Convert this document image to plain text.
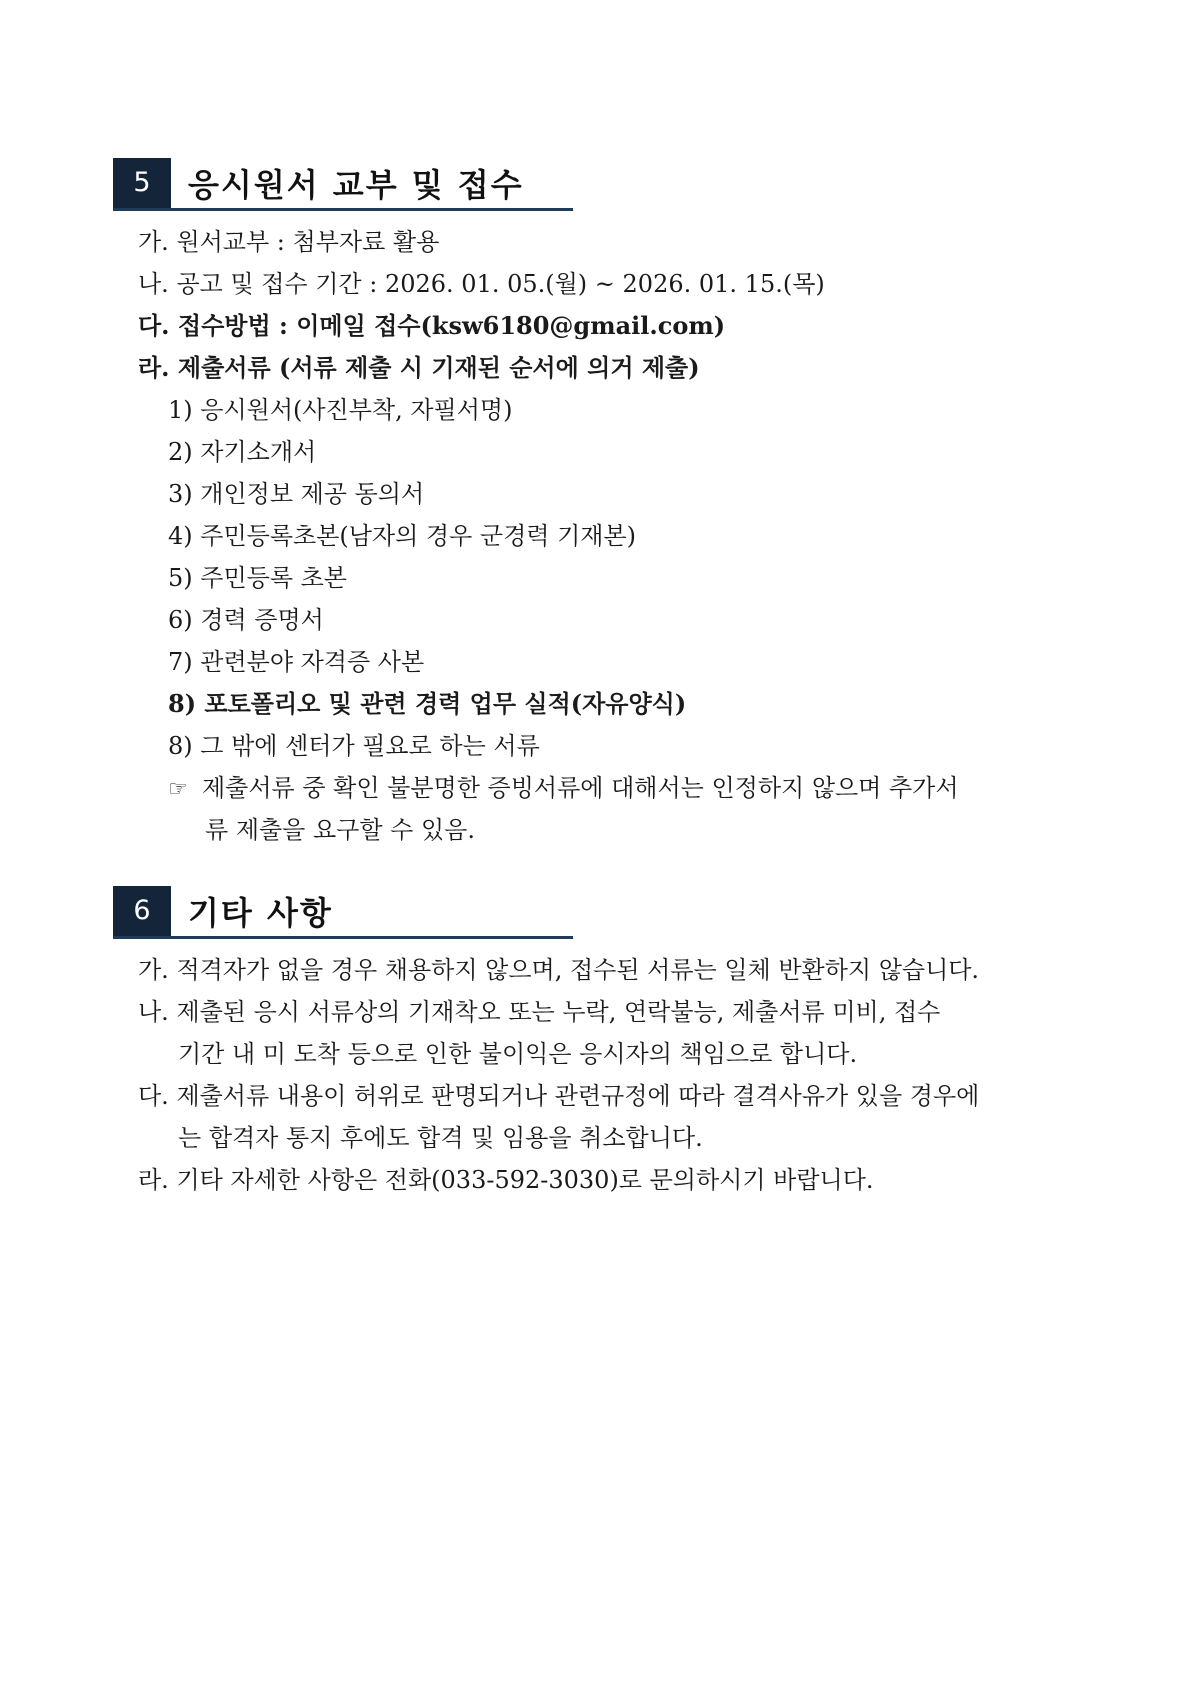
5	응시원서 교부 및 접수
가. 원서교부 : 첨부자료 활용
나. 공고 및 접수 기간 : 2026. 01. 05.(월) ~ 2026. 01. 15.(목)
다. 접수방법 : 이메일 접수(ksw6180@gmail.com)
라. 제출서류 (서류 제출 시 기재된 순서에 의거 제출)
1) 응시원서(사진부착, 자필서명)
2) 자기소개서
3) 개인정보 제공 동의서
4) 주민등록초본(남자의 경우 군경력 기재본)
5) 주민등록 초본
6) 경력 증명서
7) 관련분야 자격증 사본
8) 포토폴리오 및 관련 경력 업무 실적(자유양식)
8) 그 밖에 센터가 필요로 하는 서류
☞ 제출서류 중 확인 불분명한 증빙서류에 대해서는 인정하지 않으며 추가서
류 제출을 요구할 수 있음.
6	기타 사항
가. 적격자가 없을 경우 채용하지 않으며, 접수된 서류는 일체 반환하지 않습니다.
나. 제출된 응시 서류상의 기재착오 또는 누락, 연락불능, 제출서류 미비, 접수
기간 내 미 도착 등으로 인한 불이익은 응시자의 책임으로 합니다.
다. 제출서류 내용이 허위로 판명되거나 관련규정에 따라 결격사유가 있을 경우에
는 합격자 통지 후에도 합격 및 임용을 취소합니다.
라. 기타 자세한 사항은 전화(033-592-3030)로 문의하시기 바랍니다.
